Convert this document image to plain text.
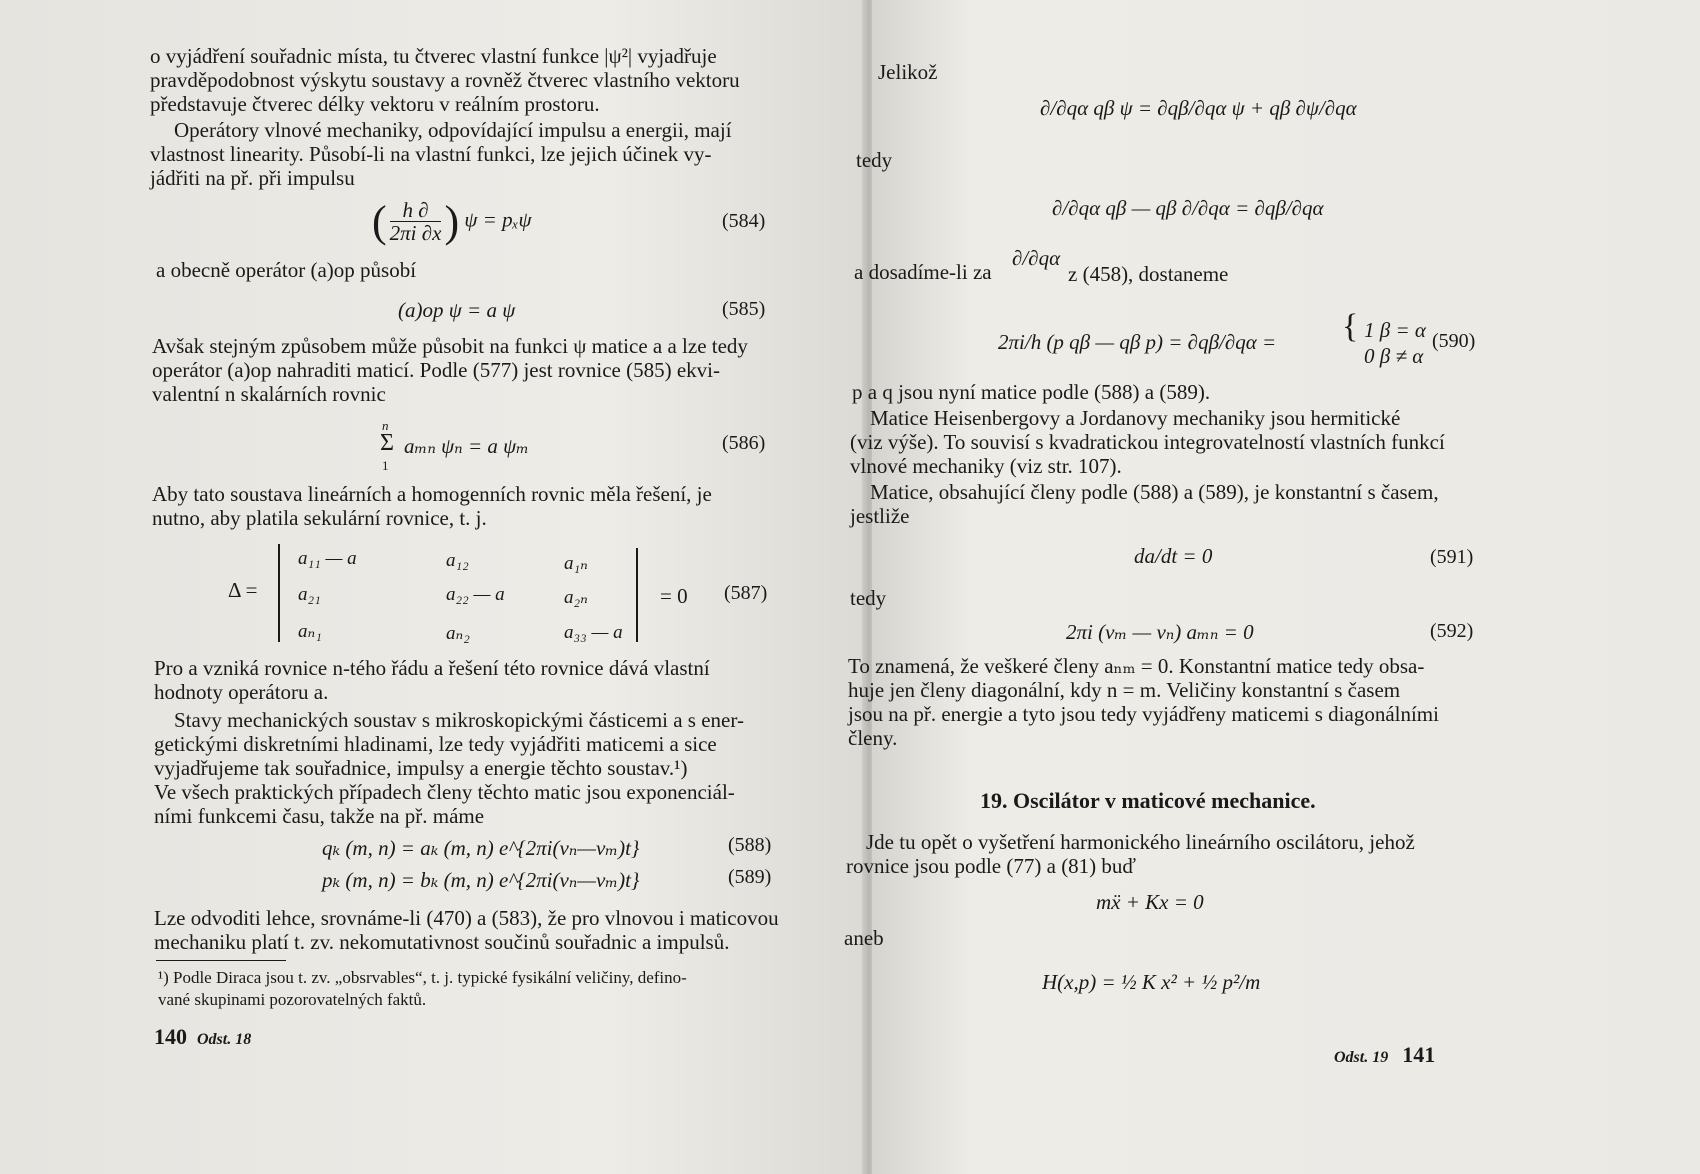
o vyjádření souřadnic místa, tu čtverec vlastní funkce |ψ²| vyjadřuje
pravděpodobnost výskytu soustavy a rovněž čtverec vlastního vektoru
představuje čtverec délky vektoru v reálním prostoru.
Operátory vlnové mechaniky, odpovídající impulsu a energii, mají
vlastnost linearity. Působí-li na vlastní funkci, lze jejich účinek vy-
jádřiti na př. při impulsu
( $\frac{h \partial}{2\pi i \partial x}$ ) ψ = pₓψ	(584)
a obecně operátor (a)op působí
(a)op ψ = a ψ	(585)
Avšak stejným způsobem může působit na funkci ψ matice a a lze tedy
operátor (a)op nahraditi maticí. Podle (577) jest rovnice (585) ekvi-
valentní n skalárních rovnic
n
Σ
1
aₘₙ ψₙ = a ψₘ	(586)
Aby tato soustava lineárních a homogenních rovnic měla řešení, je
nutno, aby platila sekulární rovnice, t. j.
Δ =
a₁₁ — a	a₁₂	a₁ₙ
a₂₁	a₂₂ — a	a₂ₙ
aₙ₁	aₙ₂	a₃₃ — a
= 0 (587)
Pro a vzniká rovnice n-tého řádu a řešení této rovnice dává vlastní
hodnoty operátoru a.
Stavy mechanických soustav s mikroskopickými částicemi a s ener-
getickými diskretními hladinami, lze tedy vyjádřiti maticemi a sice
vyjadřujeme tak souřadnice, impulsy a energie těchto soustav.¹)
Ve všech praktických případech členy těchto matic jsou exponenciál-
ními funkcemi času, takže na př. máme
qₖ (m, n) = aₖ (m, n) e^{2πi(νₙ—νₘ)t}	(588)
pₖ (m, n) = bₖ (m, n) e^{2πi(νₙ—νₘ)t}	(589)
Lze odvoditi lehce, srovnáme-li (470) a (583), že pro vlnovou i maticovou
mechaniku platí t. zv. nekomutativnost součinů souřadnic a impulsů.
¹) Podle Diraca jsou t. zv. „obsrvables“, t. j. typické fysikální veličiny, defino-
vané skupinami pozorovatelných faktů.
140 Odst. 18
Jelikož
∂/∂qα qβ ψ = ∂qβ/∂qα ψ + qβ ∂ψ/∂qα
tedy
∂/∂qα qβ — qβ ∂/∂qα = ∂qβ/∂qα
a dosadíme-li za
∂/∂qα
z (458), dostaneme
2πi/h (p qβ — qβ p) = ∂qβ/∂qα = { 1 β = α
0 β ≠ α
(590)
p a q jsou nyní matice podle (588) a (589).
Matice Heisenbergovy a Jordanovy mechaniky jsou hermitické
(viz výše). To souvisí s kvadratickou integrovatelností vlastních funkcí
vlnové mechaniky (viz str. 107).
Matice, obsahující členy podle (588) a (589), je konstantní s časem,
jestliže
da/dt = 0	(591)
tedy
2πi (νₘ — νₙ) aₘₙ = 0	(592)
To znamená, že veškeré členy aₙₘ = 0. Konstantní matice tedy obsa-
huje jen členy diagonální, kdy n = m. Veličiny konstantní s časem
jsou na př. energie a tyto jsou tedy vyjádřeny maticemi s diagonálními
členy.
19. Oscilátor v maticové mechanice.
Jde tu opět o vyšetření harmonického lineárního oscilátoru, jehož
rovnice jsou podle (77) a (81) buď
mẍ + Kx = 0
aneb
H(x,p) = ½ K x² + ½ p²/m
Odst. 19 141
